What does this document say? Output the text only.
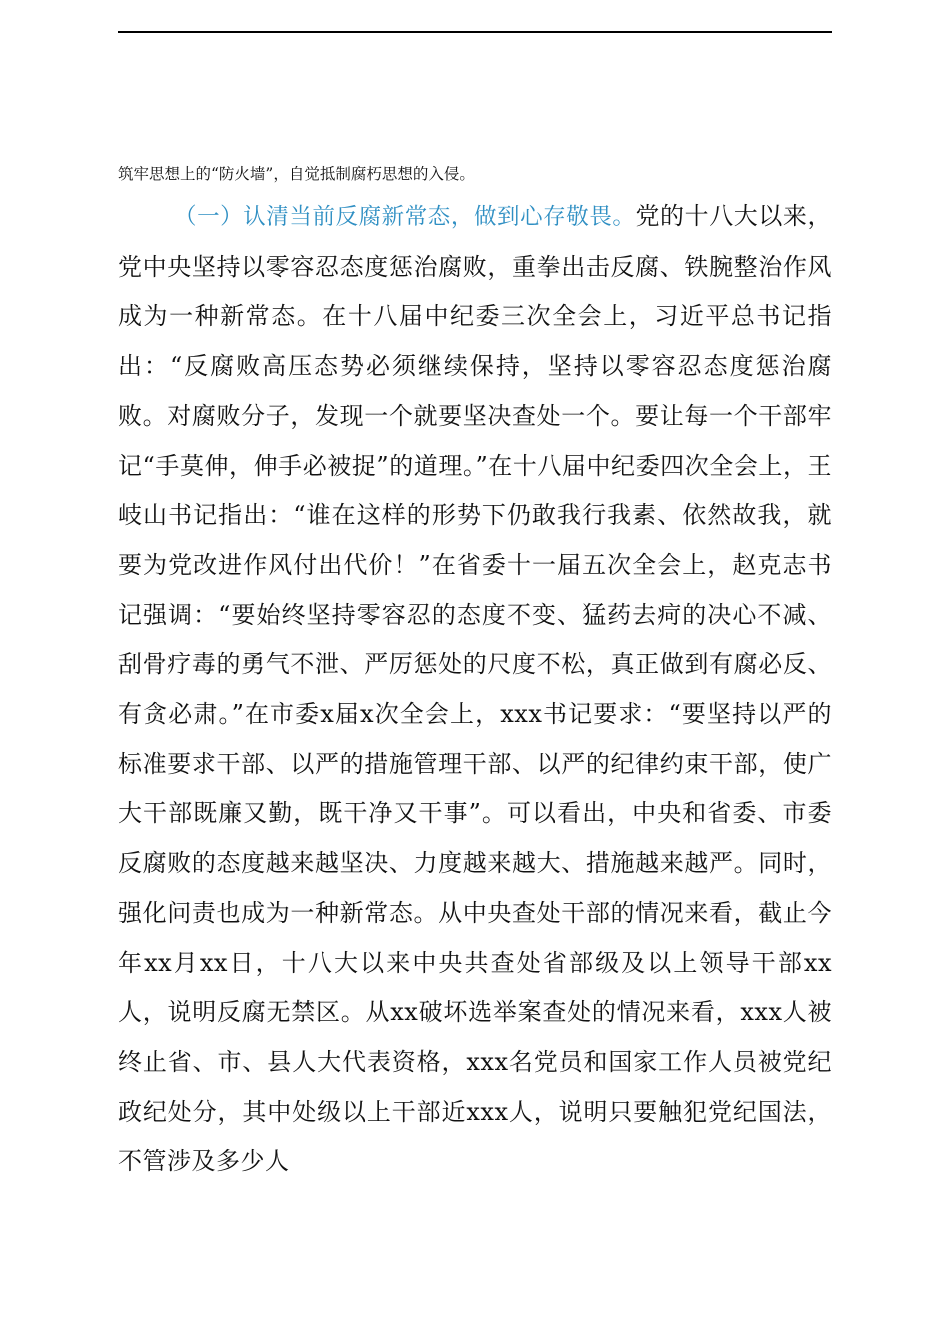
筑牢思想上的“防火墙”，自觉抵制腐朽思想的入侵。

（一）认清当前反腐新常态，做到心存敬畏。党的十八大以来，党中央坚持以零容忍态度惩治腐败，重拳出击反腐、铁腕整治作风成为一种新常态。在十八届中纪委三次全会上，习近平总书记指出：“反腐败高压态势必须继续保持，坚持以零容忍态度惩治腐败。对腐败分子，发现一个就要坚决查处一个。要让每一个干部牢记“手莫伸，伸手必被捉”的道理。”在十八届中纪委四次全会上，王岐山书记指出：“谁在这样的形势下仍敢我行我素、依然故我，就要为党改进作风付出代价！”在省委十一届五次全会上，赵克志书记强调：“要始终坚持零容忍的态度不变、猛药去疴的决心不减、刮骨疗毒的勇气不泄、严厉惩处的尺度不松，真正做到有腐必反、有贪必肃。”在市委x届x次全会上，xxx书记要求：“要坚持以严的标准要求干部、以严的措施管理干部、以严的纪律约束干部，使广大干部既廉又勤，既干净又干事”。可以看出，中央和省委、市委反腐败的态度越来越坚决、力度越来越大、措施越来越严。同时，强化问责也成为一种新常态。从中央查处干部的情况来看，截止今年xx月xx日，十八大以来中央共查处省部级及以上领导干部xx人，说明反腐无禁区。从xx破坏选举案查处的情况来看，xxx人被终止省、市、县人大代表资格，xxx名党员和国家工作人员被党纪政纪处分，其中处级以上干部近xxx人，说明只要触犯党纪国法，不管涉及多少人
